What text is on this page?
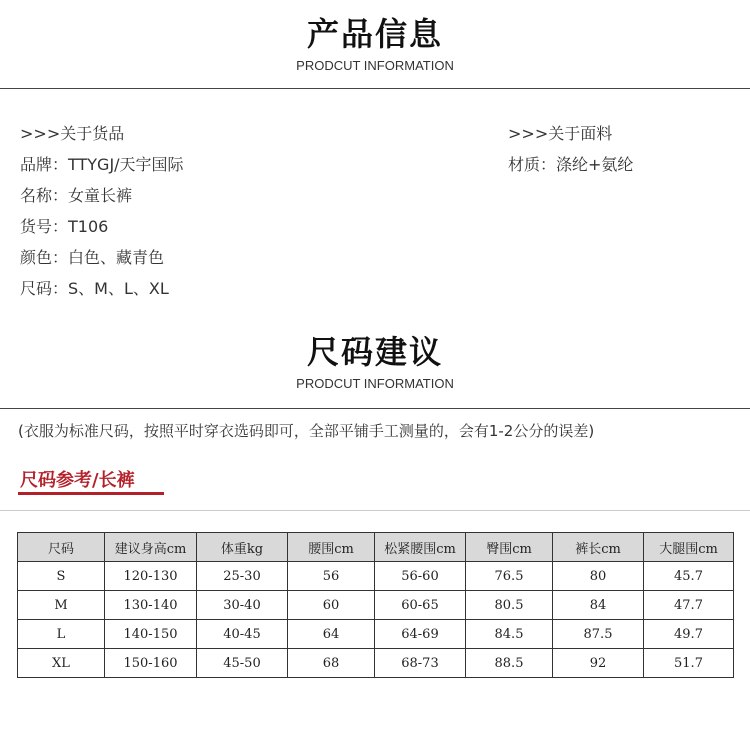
产品信息
PRODCUT INFORMATION
>>>关于货品
品牌：TTYGJ/天宇国际
名称：女童长裤
货号：T106
颜色：白色、藏青色
尺码：S、M、L、XL
>>>关于面料
材质：涤纶+氨纶
尺码建议
PRODCUT INFORMATION
(衣服为标准尺码，按照平时穿衣选码即可，全部平铺手工测量的，会有1-2公分的误差)
尺码参考/长裤
尺码	建议身高cm	体重kg	腰围cm	松紧腰围cm	臀围cm	裤长cm	大腿围cm
S	120-130	25-30	56	56-60	76.5	80	45.7
M	130-140	30-40	60	60-65	80.5	84	47.7
L	140-150	40-45	64	64-69	84.5	87.5	49.7
XL	150-160	45-50	68	68-73	88.5	92	51.7
